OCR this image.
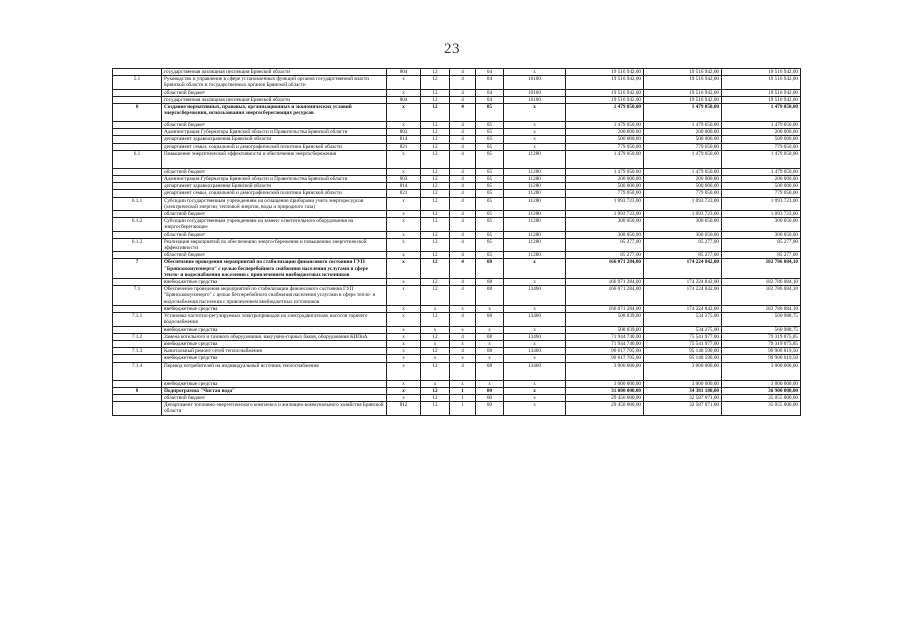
23
	государственная жилищная инспекция Брянской области	804	12	4	04	x	19 516 942,00	19 516 942,00	19 516 942,00
5.1	Руководство и управление в сфере установленных функций органов государственной власти Брянской области и государственных органов Брянской области	x	12	4	04	10100	19 516 942,00	19 516 942,00	19 516 942,00
	областной бюджет	x	12	4	04	10100	19 516 942,00	19 516 942,00	19 516 942,00
	государственная жилищная инспекция Брянской области	804	12	4	04	10100	19 516 942,00	19 516 942,00	19 516 942,00
6	Создание нормативных, правовых, организационных и экономических условий энергосбережения, использования энергосберегающих ресурсов	x	12	4	05	x	1 479 050,00	1 479 050,00	1 479 050,00
	областной бюджет	x	12	4	05	x	1 479 050,00	1 479 050,00	1 479 050,00
	Администрация Губернатора Брянской области и Правительства Брянской области	803	12	4	05	x	200 000,00	200 000,00	200 000,00
	департамент здравоохранения Брянской области	814	12	4	05	x	500 000,00	500 000,00	500 000,00
	департамент семьи, социальной и демографической политики Брянской области	821	12	4	05	x	779 050,00	779 050,00	779 050,00
6.1	Повышение энергетической эффективности и обеспечение энергосбережения	x	12	4	05	11280	1 479 050,00	1 479 050,00	1 479 050,00
	областной бюджет	x	12	4	05	11280	1 479 050,00	1 479 050,00	1 479 050,00
	Администрация Губернатора Брянской области и Правительства Брянской области	803	12	4	05	11280	200 000,00	200 000,00	200 000,00
	департамент здравоохранения Брянской области	814	12	4	05	11280	500 000,00	500 000,00	500 000,00
	департамент семьи, социальной и демографической политики Брянской области	821	12	4	05	11280	779 050,00	779 050,00	779 050,00
6.1.1	Субсидии государственным учреждениям на оснащение приборами учета энергоресурсов (электрической энергии, тепловой энергии, воды и природного газа)	x	12	4	05	11280	1 093 723,00	1 093 723,00	1 093 723,00
	областной бюджет	x	12	4	05	11280	1 093 723,00	1 093 723,00	1 093 723,00
6.1.2	Субсидии государственным учреждениям на замену осветительного оборудования на энергосберегающее	x	12	4	05	11280	300 050,00	300 050,00	300 050,00
	областной бюджет	x	12	4	05	11280	300 050,00	300 050,00	300 050,00
6.1.3	Реализация мероприятий по обеспечению энергосбережения и повышению энергетической эффективности	x	12	4	05	11280	85 277,00	85 277,00	85 277,00
	областной бюджет	x	12	4	05	11280	85 277,00	85 277,00	85 277,00
7	Обеспечение проведения мероприятий по стабилизации финансового состояния ГУП "Брянсккомунэнерго" с целью бесперебойного снабжения населения услугами в сфере тепло- и водоснабжения населения с привлечением внебюджетных источников	x	12	4	08	x	166 071 284,00	174 224 842,00	182 786 084,10
	внебюджетные средства	x	12	4	08	x	166 071 284,00	174 224 842,00	182 786 084,10
7.1	Обеспечение проведения мероприятий по стабилизации финансового состояния ГУП "Брянсккомунэнерго" с целью бесперебойного снабжения населения услугами в сфере тепло- и водоснабжения населения с привлечением внебюджетных источников	x	12	4	08	13460	166 071 284,00	174 224 842,00	182 786 084,10
	внебюджетные средства	x	x	x	x	x	166 071 284,00	174 224 842,00	182 786 084,10
7.1.1	Установка частотно-регулируемых электроприводов на электродвигателях насосов горячего водоснабжения	x	12	4	08	13460	508 839,00	534 275,00	560 988,75
	внебюджетные средства	x	x	x	x	x	508 839,00	534 275,00	560 988,75
7.1.2	Замена котельного и газового оборудования, вакуумно-горных баков, оборудования КИПиА	x	12	4	08	13460	71 944 740,00	75 541 977,00	79 319 075,85
	внебюджетные средства	x	x	x	x	x	71 944 740,00	75 541 977,00	79 319 075,85
7.1.3	Капитальный ремонт сетей теплоснабжения	x	12	4	08	13460	90 617 705,00	95 148 590,00	99 906 019,50
	внебюджетные средства	x	x	x	x	x	90 617 705,00	95 148 590,00	99 906 019,50
7.1.4	Перевод потребителей на индивидуальный источник теплоснабжения	x	12	4	08	13460	3 000 000,00	3 000 000,00	3 000 000,00
	внебюджетные средства	x	x	x	x	x	3 000 000,00	3 000 000,00	3 000 000,00
8	Подпрограмма "Чистая вода"	x	12	1	00	x	31 000 000,00	34 381 180,00	36 900 000,00
	областной бюджет	x	12	1	00	x	29 450 000,00	32 587 071,00	35 055 000,00
	Департамент топливно-энергетического комплекса и жилищно-коммунального хозяйства Брянской области	812	12	1	00	x	29 450 000,00	32 587 071,00	35 055 000,00
